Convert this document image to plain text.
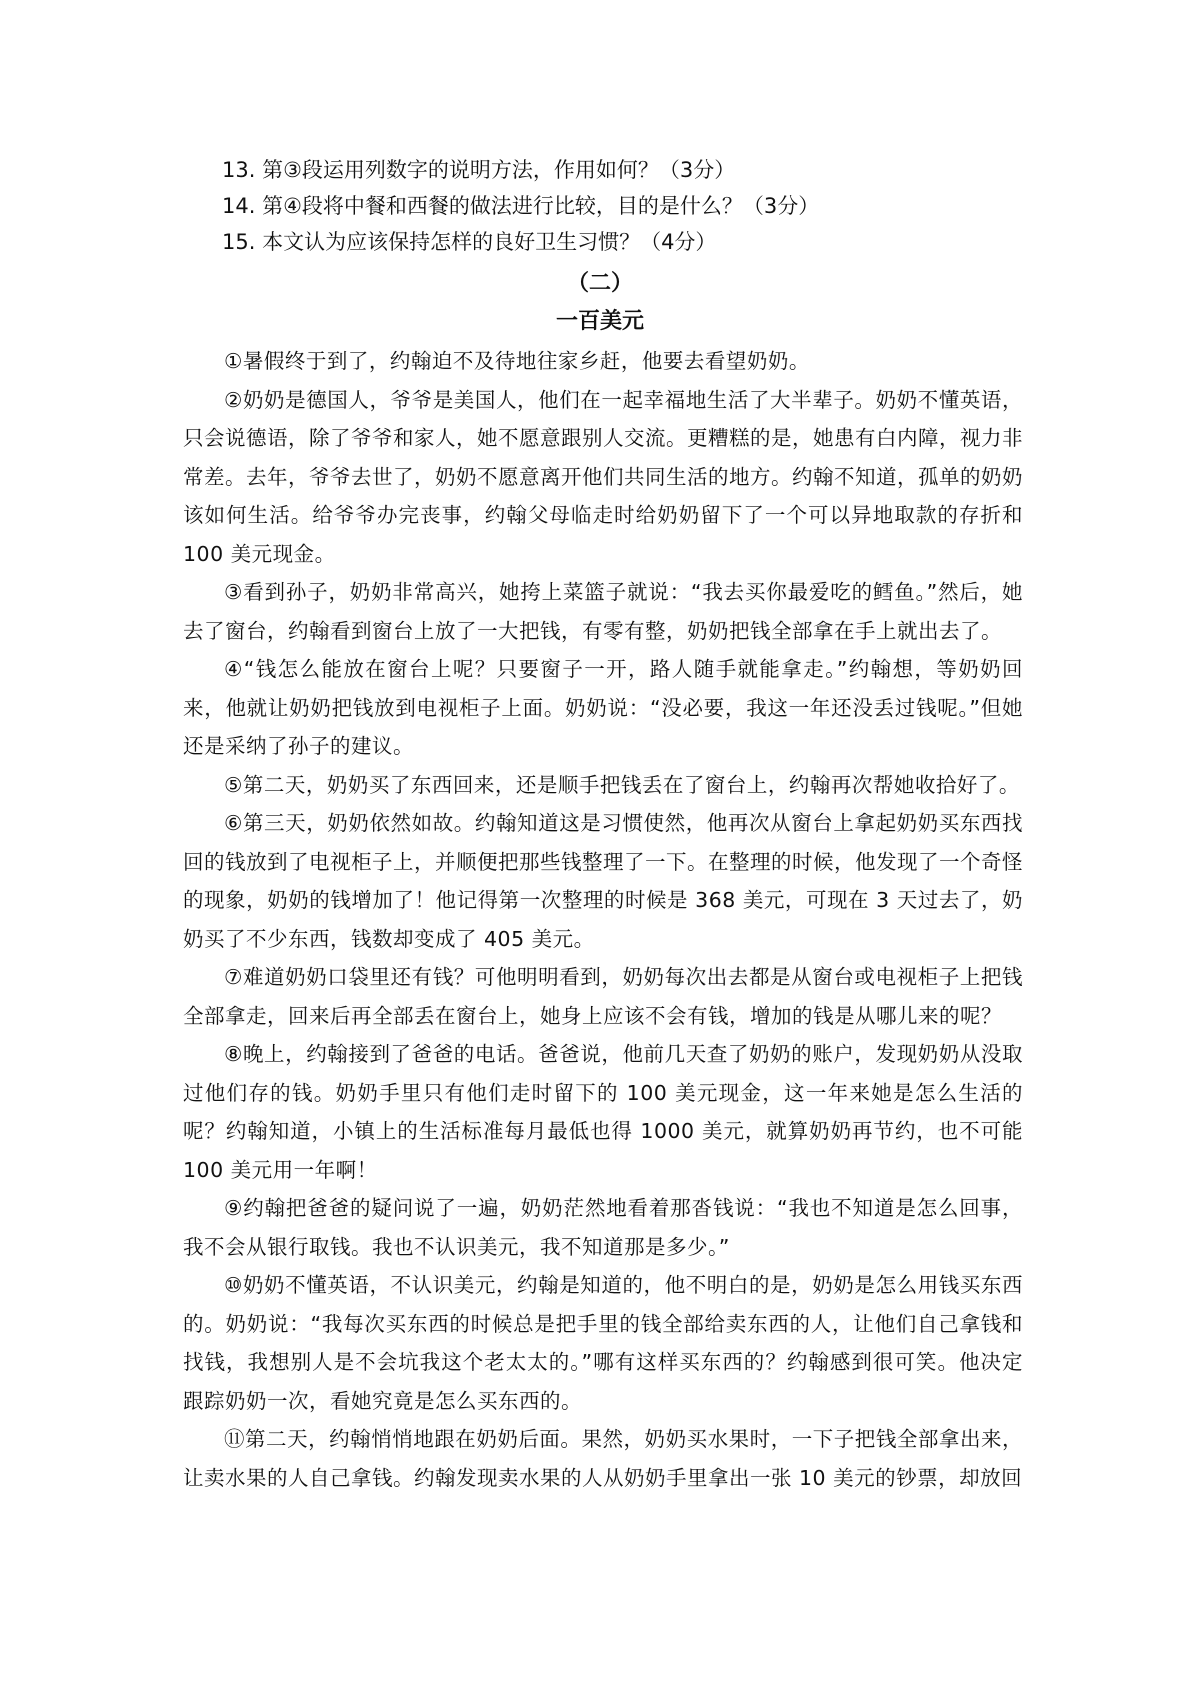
13. 第③段运用列数字的说明方法，作用如何？（3分）
14. 第④段将中餐和西餐的做法进行比较，目的是什么？（3分）
15. 本文认为应该保持怎样的良好卫生习惯？（4分）
（二）
一百美元

①暑假终于到了，约翰迫不及待地往家乡赶，他要去看望奶奶。

②奶奶是德国人，爷爷是美国人，他们在一起幸福地生活了大半辈子。奶奶不懂英语，只会说德语，除了爷爷和家人，她不愿意跟别人交流。更糟糕的是，她患有白内障，视力非常差。去年，爷爷去世了，奶奶不愿意离开他们共同生活的地方。约翰不知道，孤单的奶奶该如何生活。给爷爷办完丧事，约翰父母临走时给奶奶留下了一个可以异地取款的存折和100 美元现金。

③看到孙子，奶奶非常高兴，她挎上菜篮子就说：“我去买你最爱吃的鳕鱼。”然后，她去了窗台，约翰看到窗台上放了一大把钱，有零有整，奶奶把钱全部拿在手上就出去了。

④“钱怎么能放在窗台上呢？只要窗子一开，路人随手就能拿走。”约翰想，等奶奶回来，他就让奶奶把钱放到电视柜子上面。奶奶说：“没必要，我这一年还没丢过钱呢。”但她还是采纳了孙子的建议。

⑤第二天，奶奶买了东西回来，还是顺手把钱丢在了窗台上，约翰再次帮她收拾好了。

⑥第三天，奶奶依然如故。约翰知道这是习惯使然，他再次从窗台上拿起奶奶买东西找回的钱放到了电视柜子上，并顺便把那些钱整理了一下。在整理的时候，他发现了一个奇怪的现象，奶奶的钱增加了！他记得第一次整理的时候是 368 美元，可现在 3 天过去了，奶奶买了不少东西，钱数却变成了 405 美元。

⑦难道奶奶口袋里还有钱？可他明明看到，奶奶每次出去都是从窗台或电视柜子上把钱全部拿走，回来后再全部丢在窗台上，她身上应该不会有钱，增加的钱是从哪儿来的呢？

⑧晚上，约翰接到了爸爸的电话。爸爸说，他前几天查了奶奶的账户，发现奶奶从没取过他们存的钱。奶奶手里只有他们走时留下的 100 美元现金，这一年来她是怎么生活的呢？约翰知道，小镇上的生活标准每月最低也得 1000 美元，就算奶奶再节约，也不可能 100 美元用一年啊！

⑨约翰把爸爸的疑问说了一遍，奶奶茫然地看着那沓钱说：“我也不知道是怎么回事，我不会从银行取钱。我也不认识美元，我不知道那是多少。”

⑩奶奶不懂英语，不认识美元，约翰是知道的，他不明白的是，奶奶是怎么用钱买东西的。奶奶说：“我每次买东西的时候总是把手里的钱全部给卖东西的人，让他们自己拿钱和找钱，我想别人是不会坑我这个老太太的。”哪有这样买东西的？约翰感到很可笑。他决定跟踪奶奶一次，看她究竟是怎么买东西的。

⑪第二天，约翰悄悄地跟在奶奶后面。果然，奶奶买水果时，一下子把钱全部拿出来，让卖水果的人自己拿钱。约翰发现卖水果的人从奶奶手里拿出一张 10 美元的钞票，却放回
